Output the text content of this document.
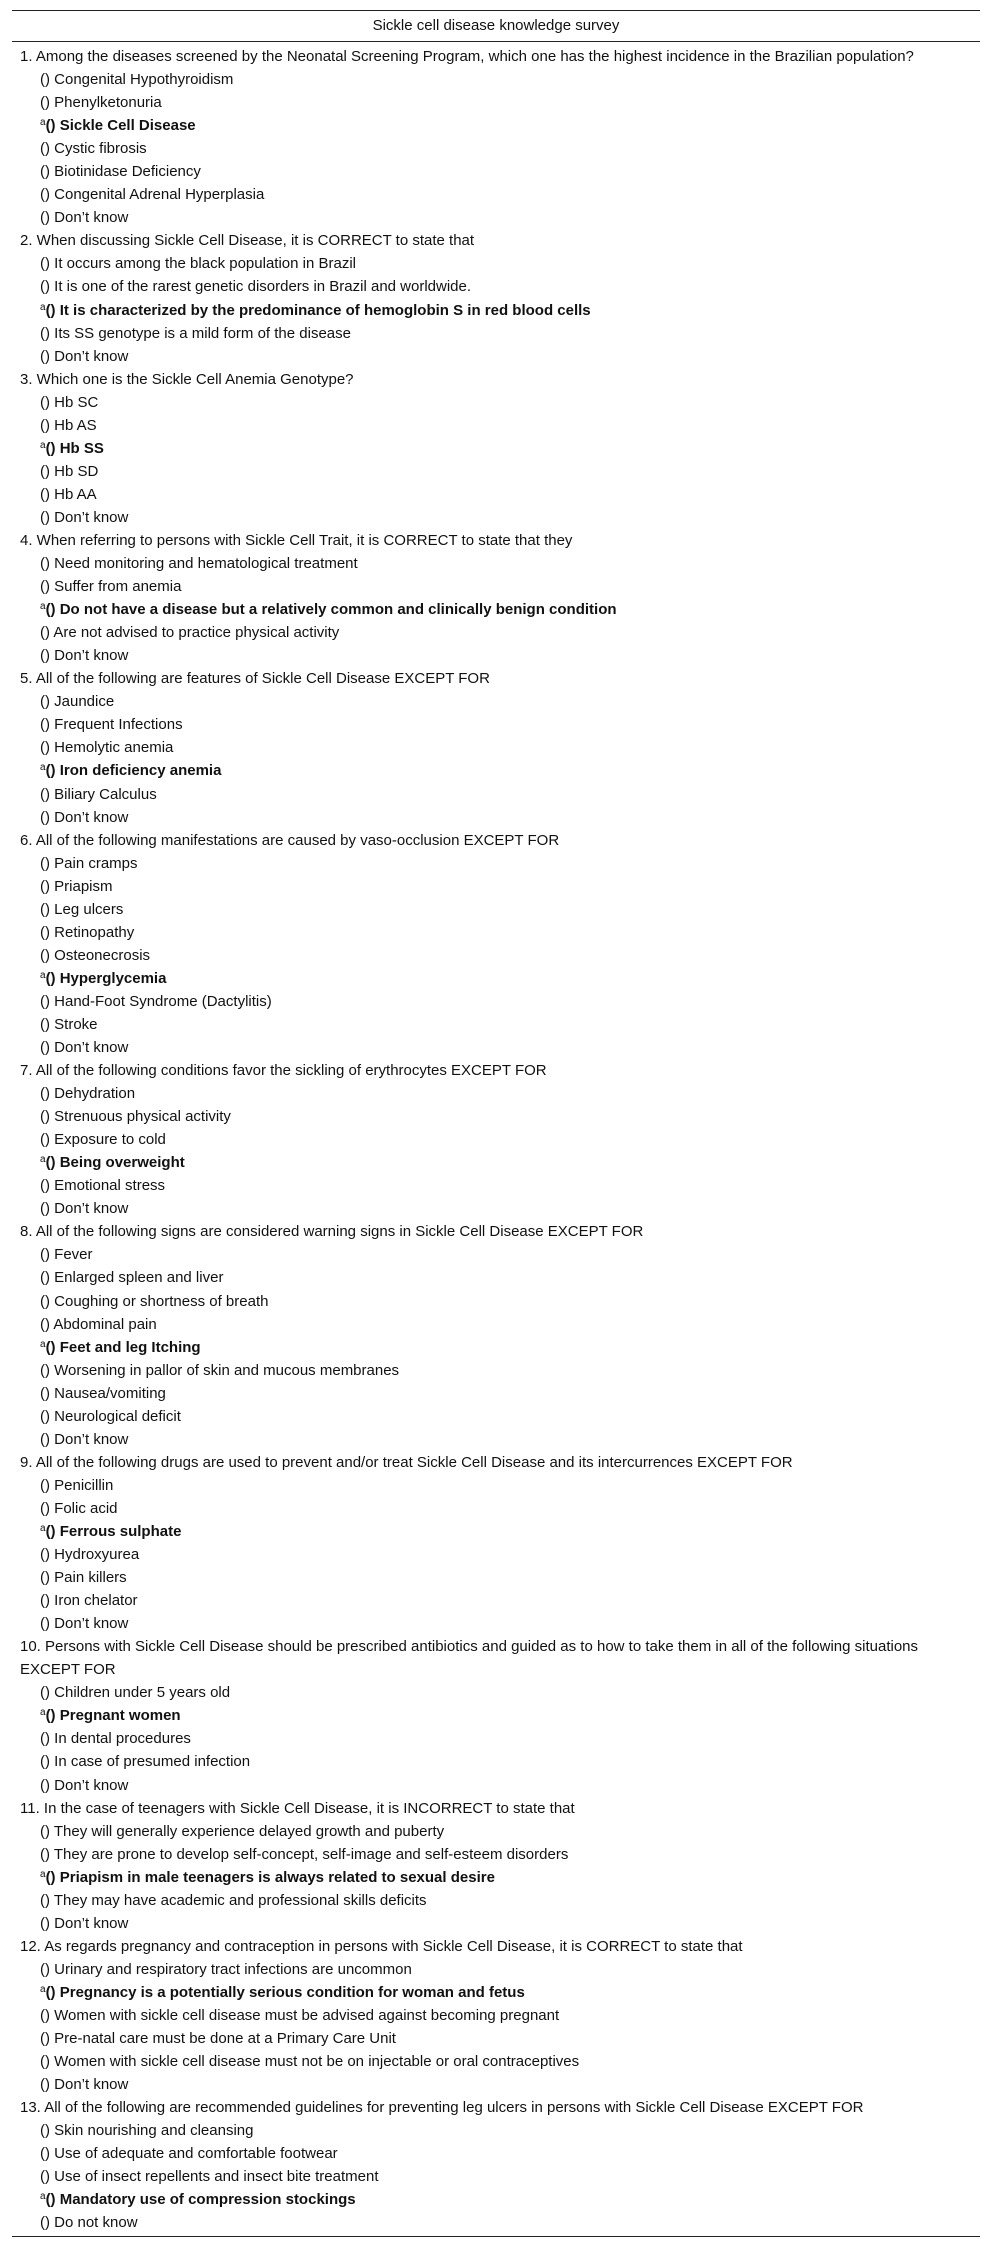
Sickle cell disease knowledge survey
1. Among the diseases screened by the Neonatal Screening Program, which one has the highest incidence in the Brazilian population?
() Congenital Hypothyroidism
() Phenylketonuria
$^a$() Sickle Cell Disease
() Cystic fibrosis
() Biotinidase Deficiency
() Congenital Adrenal Hyperplasia
() Don’t know
2. When discussing Sickle Cell Disease, it is CORRECT to state that
() It occurs among the black population in Brazil
() It is one of the rarest genetic disorders in Brazil and worldwide.
$^a$() It is characterized by the predominance of hemoglobin S in red blood cells
() Its SS genotype is a mild form of the disease
() Don’t know
3. Which one is the Sickle Cell Anemia Genotype?
() Hb SC
() Hb AS
$^a$() Hb SS
() Hb SD
() Hb AA
() Don’t know
4. When referring to persons with Sickle Cell Trait, it is CORRECT to state that they
() Need monitoring and hematological treatment
() Suffer from anemia
$^a$() Do not have a disease but a relatively common and clinically benign condition
() Are not advised to practice physical activity
() Don’t know
5. All of the following are features of Sickle Cell Disease EXCEPT FOR
() Jaundice
() Frequent Infections
() Hemolytic anemia
$^a$() Iron deficiency anemia
() Biliary Calculus
() Don’t know
6. All of the following manifestations are caused by vaso-occlusion EXCEPT FOR
() Pain cramps
() Priapism
() Leg ulcers
() Retinopathy
() Osteonecrosis
$^a$() Hyperglycemia
() Hand-Foot Syndrome (Dactylitis)
() Stroke
() Don’t know
7. All of the following conditions favor the sickling of erythrocytes EXCEPT FOR
() Dehydration
() Strenuous physical activity
() Exposure to cold
$^a$() Being overweight
() Emotional stress
() Don’t know
8. All of the following signs are considered warning signs in Sickle Cell Disease EXCEPT FOR
() Fever
() Enlarged spleen and liver
() Coughing or shortness of breath
() Abdominal pain
$^a$() Feet and leg Itching
() Worsening in pallor of skin and mucous membranes
() Nausea/vomiting
() Neurological deficit
() Don’t know
9. All of the following drugs are used to prevent and/or treat Sickle Cell Disease and its intercurrences EXCEPT FOR
() Penicillin
() Folic acid
$^a$() Ferrous sulphate
() Hydroxyurea
() Pain killers
() Iron chelator
() Don’t know
10. Persons with Sickle Cell Disease should be prescribed antibiotics and guided as to how to take them in all of the following situations EXCEPT FOR
() Children under 5 years old
$^a$() Pregnant women
() In dental procedures
() In case of presumed infection
() Don’t know
11. In the case of teenagers with Sickle Cell Disease, it is INCORRECT to state that
() They will generally experience delayed growth and puberty
() They are prone to develop self-concept, self-image and self-esteem disorders
$^a$() Priapism in male teenagers is always related to sexual desire
() They may have academic and professional skills deficits
() Don’t know
12. As regards pregnancy and contraception in persons with Sickle Cell Disease, it is CORRECT to state that
() Urinary and respiratory tract infections are uncommon
$^a$() Pregnancy is a potentially serious condition for woman and fetus
() Women with sickle cell disease must be advised against becoming pregnant
() Pre-natal care must be done at a Primary Care Unit
() Women with sickle cell disease must not be on injectable or oral contraceptives
() Don’t know
13. All of the following are recommended guidelines for preventing leg ulcers in persons with Sickle Cell Disease EXCEPT FOR
() Skin nourishing and cleansing
() Use of adequate and comfortable footwear
() Use of insect repellents and insect bite treatment
$^a$() Mandatory use of compression stockings
() Do not know
